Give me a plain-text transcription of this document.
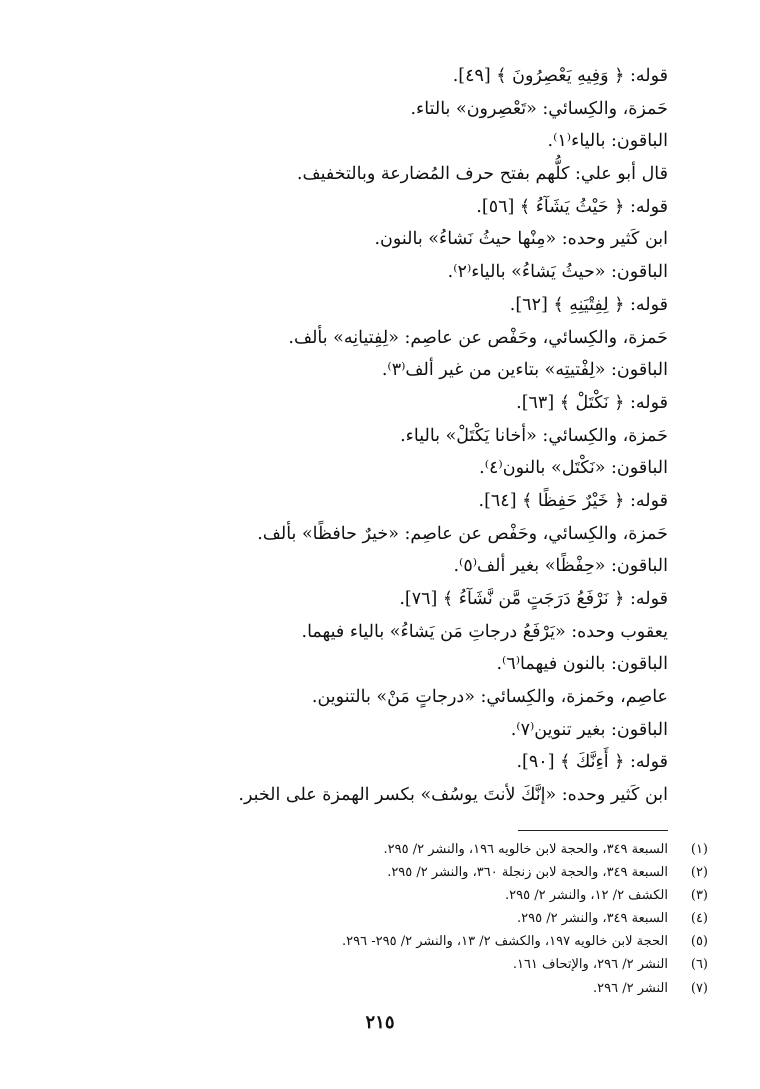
قوله: ﴿ وَفِيهِ يَعْصِرُونَ ﴾ [٤٩].
حَمزة، والكِسائي: «تَعْصِرون» بالتاء.
الباقون: بالياء⁽١⁾.
قال أبو علي: كلُّهم بفتح حرف المُضارعة وبالتخفيف.
قوله: ﴿ حَيْثُ يَشَآءُ ﴾ [٥٦].
ابن كَثير وحده: «مِنْها حيثُ نَشاءُ» بالنون.
الباقون: «حيثُ يَشاءُ» بالياء⁽٢⁾.
قوله: ﴿ لِفِتْيَنِهِ ﴾ [٦٢].
حَمزة، والكِسائي، وحَفْص عن عاصِم: «لِفِتيانِه» بألف.
الباقون: «لِفْتيتِه» بتاءين من غير ألف⁽٣⁾.
قوله: ﴿ نَكْتَلْ ﴾ [٦٣].
حَمزة، والكِسائي: «أخانا يَكْتَلْ» بالياء.
الباقون: «نَكْتَل» بالنون⁽٤⁾.
قوله: ﴿ خَيْرٌ حَفِظًا ﴾ [٦٤].
حَمزة، والكِسائي، وحَفْص عن عاصِم: «خيرٌ حافظًا» بألف.
الباقون: «حِفْظًا» بغير ألف⁽٥⁾.
قوله: ﴿ نَرْفَعُ دَرَجَتٍ مَّن نَّشَآءُ ﴾ [٧٦].
يعقوب وحده: «يَرْفَعُ درجاتِ مَن يَشاءُ» بالياء فيهما.
الباقون: بالنون فيهما⁽٦⁾.
عاصِم، وحَمزة، والكِسائي: «درجاتٍ مَنْ» بالتنوين.
الباقون: بغير تنوين⁽٧⁾.
قوله: ﴿ أَءِنَّكَ ﴾ [٩٠].
ابن كَثير وحده: «إنَّكَ لأنتَ يوسُف» بكسر الهمزة على الخبر.
(١)
السبعة ٣٤٩، والحجة لابن خالويه ١٩٦، والنشر ٢/ ٢٩٥.
(٢)
السبعة ٣٤٩، والحجة لابن زنجلة ٣٦٠، والنشر ٢/ ٢٩٥.
(٣)
الكشف ٢/ ١٢، والنشر ٢/ ٢٩٥.
(٤)
السبعة ٣٤٩، والنشر ٢/ ٢٩٥.
(٥)
الحجة لابن خالويه ١٩٧، والكشف ٢/ ١٣، والنشر ٢/ ٢٩٥- ٢٩٦.
(٦)
النشر ٢/ ٢٩٦، والإتحاف ١٦١.
(٧)
النشر ٢/ ٢٩٦.
٢١٥
